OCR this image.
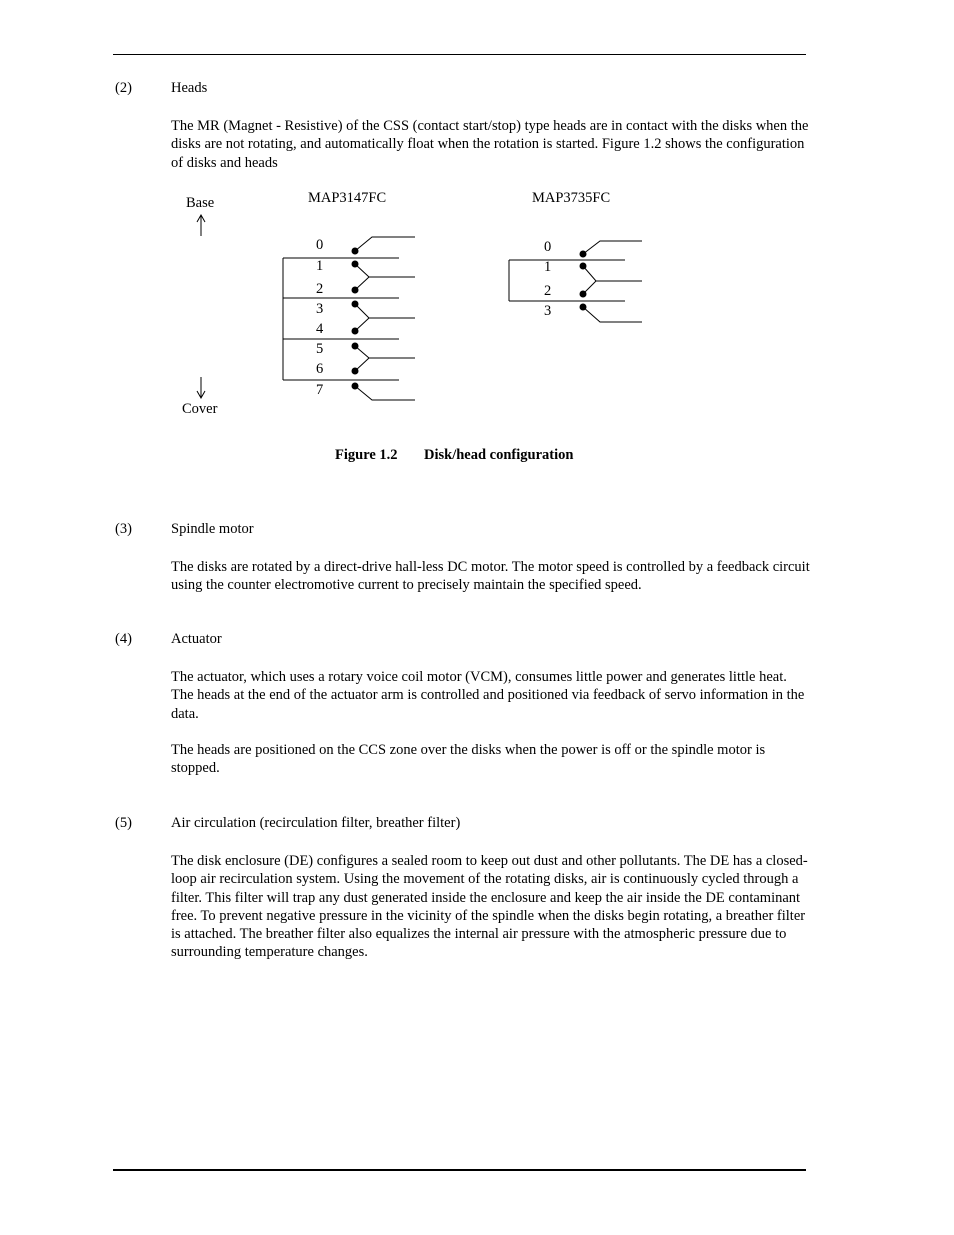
(2)	Heads

The MR (Magnet - Resistive) of the CSS (contact start/stop) type heads are in contact with the disks when the disks are not rotating, and automatically float when the rotation is started. Figure 1.2 shows the configuration of disks and heads

Base
Cover
MAP3147FC	MAP3735FC
0
1
2
3
4
5
6
7
0
1
2
3
Figure 1.2 Disk/head configuration
(3)	Spindle motor

The disks are rotated by a direct-drive hall-less DC motor. The motor speed is controlled by a feedback circuit using the counter electromotive current to precisely maintain the specified speed.

(4)	Actuator

The actuator, which uses a rotary voice coil motor (VCM), consumes little power and generates little heat. The heads at the end of the actuator arm is controlled and positioned via feedback of servo information in the data.

The heads are positioned on the CCS zone over the disks when the power is off or the spindle motor is stopped.

(5)	Air circulation (recirculation filter, breather filter)

The disk enclosure (DE) configures a sealed room to keep out dust and other pollutants. The DE has a closed-loop air recirculation system. Using the movement of the rotating disks, air is continuously cycled through a filter. This filter will trap any dust generated inside the enclosure and keep the air inside the DE contaminant free. To prevent negative pressure in the vicinity of the spindle when the disks begin rotating, a breather filter is attached. The breather filter also equalizes the internal air pressure with the atmospheric pressure due to surrounding temperature changes.
